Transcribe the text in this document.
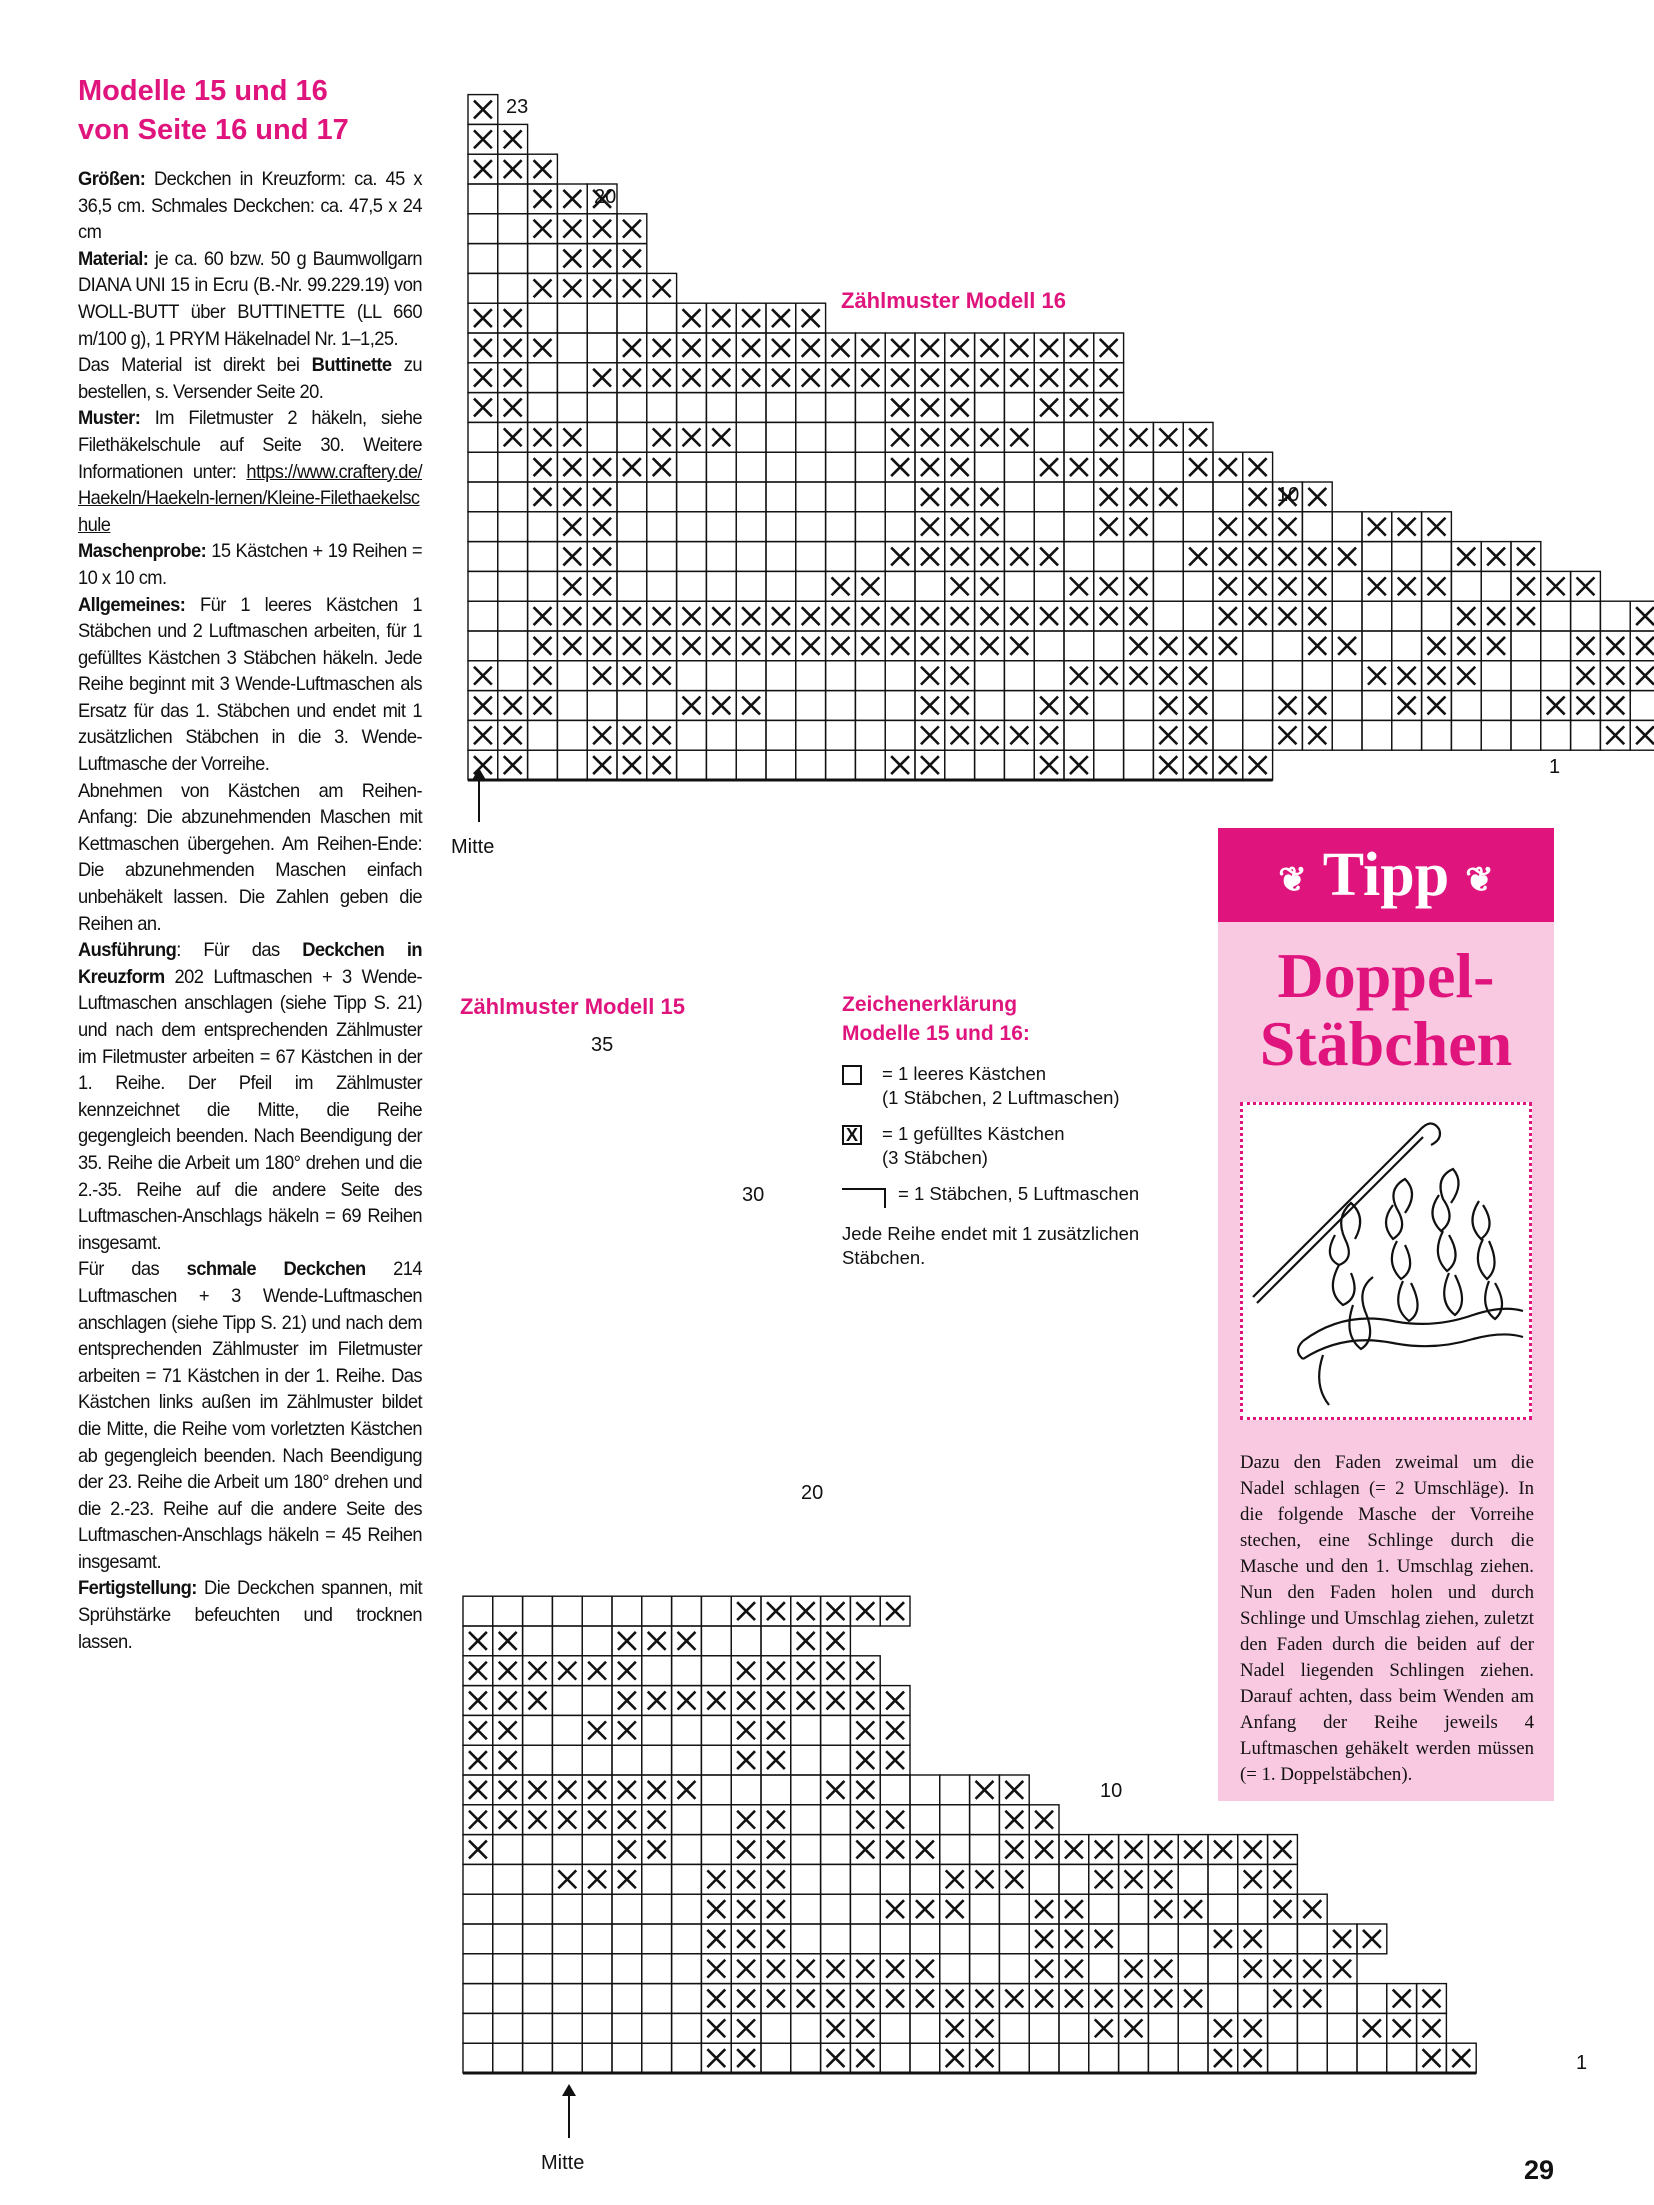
Modelle 15 und 16
von Seite 16 und 17
Größen: Deckchen in Kreuzform: ca. 45 x 36,5 cm. Schmales Deckchen: ca. 47,5 x 24 cm
Material: je ca. 60 bzw. 50 g Baumwollgarn DIANA UNI 15 in Ecru (B.-Nr. 99.229.19) von WOLL-BUTT über BUTTINETTE (LL 660 m/100 g), 1 PRYM Häkelnadel Nr. 1–1,25.
Das Material ist direkt bei Buttinette zu bestellen, s. Versender Seite 20.
Muster: Im Filetmuster 2 häkeln, siehe Filethäkelschule auf Seite 30. Weitere Informationen unter: https://www.craftery.de/Haekeln/Haekeln-lernen/Kleine-Filethaekelschule
Maschenprobe: 15 Kästchen + 19 Reihen = 10 x 10 cm.
Allgemeines: Für 1 leeres Kästchen 1 Stäbchen und 2 Luftmaschen arbeiten, für 1 gefülltes Kästchen 3 Stäbchen häkeln. Jede Reihe beginnt mit 3 Wende-Luftmaschen als Ersatz für das 1. Stäbchen und endet mit 1 zusätzlichen Stäbchen in die 3. Wende-Luftmasche der Vorreihe.
Abnehmen von Kästchen am Reihen-Anfang: Die abzunehmenden Maschen mit Kettmaschen übergehen. Am Reihen-Ende: Die abzunehmenden Maschen einfach unbehäkelt lassen. Die Zahlen geben die Reihen an.
Ausführung: Für das Deckchen in Kreuzform 202 Luftmaschen + 3 Wende-Luftmaschen anschlagen (siehe Tipp S. 21) und nach dem entsprechenden Zählmuster im Filetmuster arbeiten = 67 Kästchen in der 1. Reihe. Der Pfeil im Zählmuster kennzeichnet die Mitte, die Reihe gegengleich beenden. Nach Beendigung der 35. Reihe die Arbeit um 180° drehen und die 2.-35. Reihe auf die andere Seite des Luftmaschen-Anschlags häkeln = 69 Reihen insgesamt.
Für das schmale Deckchen 214 Luftmaschen + 3 Wende-Luftmaschen anschlagen (siehe Tipp S. 21) und nach dem entsprechenden Zählmuster im Filetmuster arbeiten = 71 Kästchen in der 1. Reihe. Das Kästchen links außen im Zählmuster bildet die Mitte, die Reihe vom vorletzten Kästchen ab gegengleich beenden. Nach Beendigung der 23. Reihe die Arbeit um 180° drehen und die 2.-23. Reihe auf die andere Seite des Luftmaschen-Anschlags häkeln = 45 Reihen insgesamt.
Fertigstellung: Die Deckchen spannen, mit Sprühstärke befeuchten und trocknen lassen.
Zählmuster Modell 16
23
20
10
1
Mitte
Zählmuster Modell 15
35
30
20
10
1
Mitte
Zeichenerklärung
Modelle 15 und 16:
= 1 leeres Kästchen
(1 Stäbchen, 2 Luftmaschen)
X = 1 gefülltes Kästchen
(3 Stäbchen)
= 1 Stäbchen, 5 Luftmaschen
Jede Reihe endet mit 1 zusätzlichen Stäbchen.
❦ Tipp ❦
Doppel-
Stäbchen
Dazu den Faden zweimal um die Nadel schlagen (= 2 Umschläge). In die folgende Masche der Vorreihe stechen, eine Schlinge durch die Masche und den 1. Umschlag ziehen. Nun den Faden holen und durch Schlinge und Umschlag ziehen, zuletzt den Faden durch die beiden auf der Nadel liegenden Schlingen ziehen. Darauf achten, dass beim Wenden am Anfang der Reihe jeweils 4 Luftmaschen gehäkelt werden müssen (= 1. Doppelstäbchen).
29
